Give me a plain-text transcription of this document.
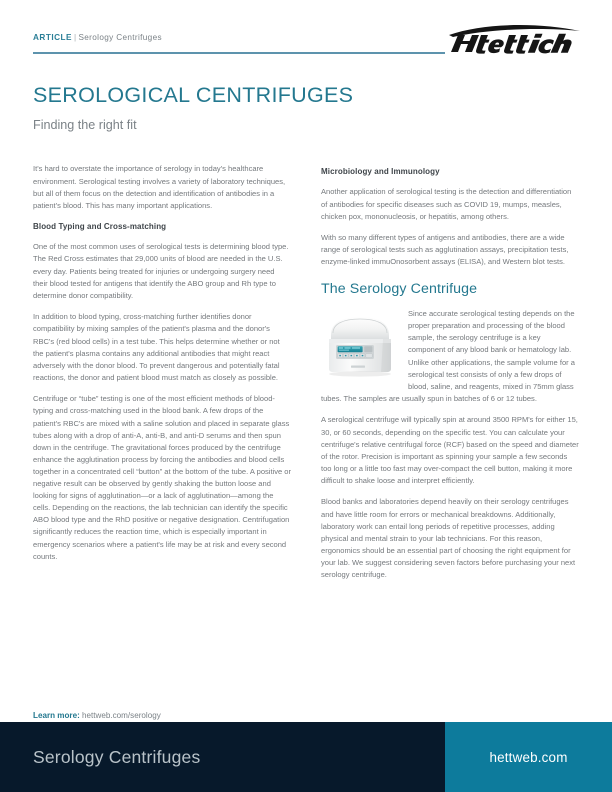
ARTICLE | Serology Centrifuges
SEROLOGICAL CENTRIFUGES
Finding the right fit

It's hard to overstate the importance of serology in today's healthcare environment. Serological testing involves a variety of laboratory techniques, but all of them focus on the detection and identification of antibodies in a patient's blood. This has many important applications.

Blood Typing and Cross-matching

One of the most common uses of serological tests is determining blood type. The Red Cross estimates that 29,000 units of blood are needed in the U.S. every day. Patients being treated for injuries or undergoing surgery need their blood tested for antigens that identify the ABO group and Rh type to determine donor compatibility.

In addition to blood typing, cross-matching further identifies donor compatibility by mixing samples of the patient's plasma and the donor's RBC's (red blood cells) in a test tube. This helps determine whether or not the patient's plasma contains any additional antibodies that might react adversely with the donor blood. To prevent dangerous and potentially fatal reactions, the donor and patient blood must match as closely as possible.

Centrifuge or “tube” testing is one of the most efficient methods of blood-typing and cross-matching used in the blood bank. A few drops of the patient's RBC's are mixed with a saline solution and placed in separate glass tubes along with a drop of anti-A, anti-B, and anti-D serums and then spun down in the centrifuge. The gravitational forces produced by the centrifuge enhance the agglutination process by forcing the antibodies and blood cells together in a concentrated cell “button” at the bottom of the tube. A positive or negative result can be observed by gently shaking the button loose and looking for signs of agglutination—or a lack of agglutination—among the cells. Depending on the reactions, the lab technician can identify the specific ABO blood type and the RhD positive or negative designation. Centrifugation significantly reduces the reaction time, which is especially important in emergency scenarios where a patient's life may be at risk and every second counts.

Microbiology and Immunology

Another application of serological testing is the detection and differentiation of antibodies for specific diseases such as COVID 19, mumps, measles, chicken pox, mononucleosis, or hepatitis, among others.

With so many different types of antigens and antibodies, there are a wide range of serological tests such as agglutination assays, precipitation tests, enzyme-linked immuOnosorbent assays (ELISA), and Western blot tests.

The Serology Centrifuge

Since accurate serological testing depends on the proper preparation and processing of the blood sample, the serology centrifuge is a key component of any blood bank or hematology lab. Unlike other applications, the sample volume for a serological test consists of only a few drops of blood, saline, and reagents, mixed in 75mm glass tubes. The samples are usually spun in batches of 6 or 12 tubes.

A serological centrifuge will typically spin at around 3500 RPM's for either 15, 30, or 60 seconds, depending on the specific test. You can calculate your centrifuge's relative centrifugal force (RCF) based on the speed and diameter of the rotor. Precision is important as spinning your sample a few seconds too long or a little too fast may over-compact the cell button, making it more difficult to shake loose and interpret efficiently.

Blood banks and laboratories depend heavily on their serology centrifuges and have little room for errors or mechanical breakdowns. Additionally, laboratory work can entail long periods of repetitive processes, adding physical and mental strain to your lab technicians. For this reason, ergonomics should be an essential part of choosing the right equipment for your lab. We suggest considering seven factors before purchasing your next serology centrifuge.

Learn more: hettweb.com/serology
Serology Centrifuges	hettweb.com
